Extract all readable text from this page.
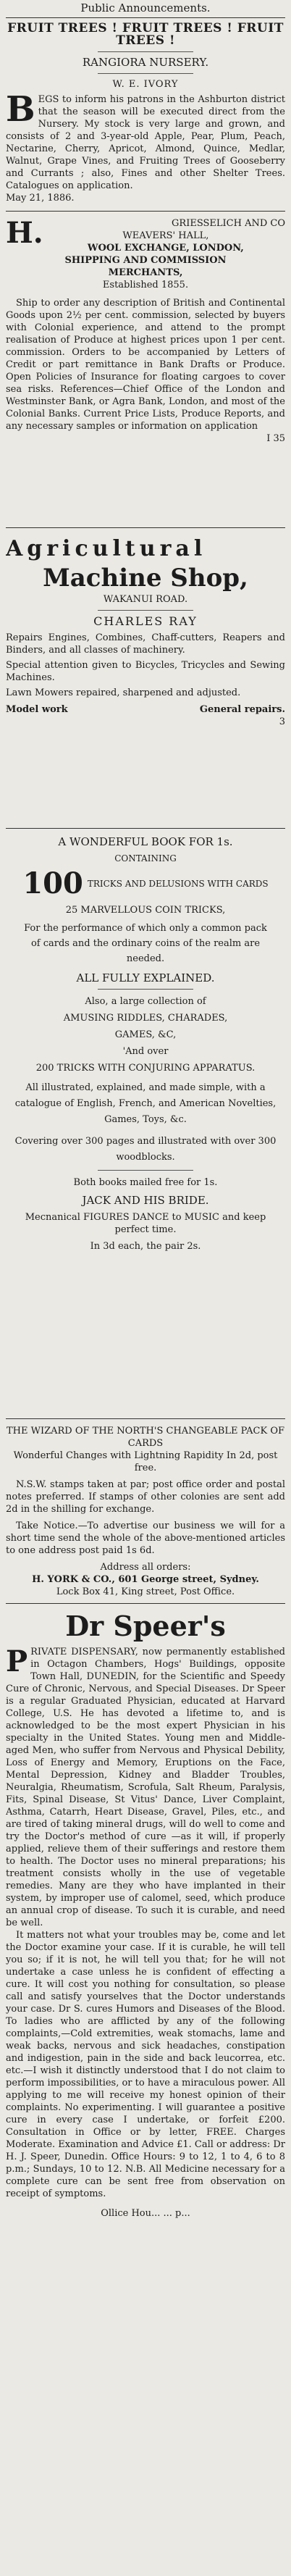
Public Announcements.
FRUIT TREES ! FRUIT TREES ! FRUIT TREES !
RANGIORA NURSERY.
W. E. IVORY
B EGS to inform his patrons in the Ashburton district that the season will be executed direct from the Nursery. My stock is very large and grown, and consists of 2 and 3-year-old Apple, Pear, Plum, Peach, Nectarine, Cherry, Apricot, Almond, Quince, Medlar, Walnut, Grape Vines, and Fruiting Trees of Gooseberry and Currants ; also, Fines and other Shelter Trees. Catalogues on application.
May 21, 1886.
H.	GRIESSELICH AND CO
WEAVERS' HALL,
WOOL EXCHANGE, LONDON,
SHIPPING AND COMMISSION
MERCHANTS,
Established 1855.
Ship to order any description of British and Continental Goods upon 2½ per cent. commission, selected by buyers with Colonial experience, and attend to the prompt realisation of Produce at highest prices upon 1 per cent. commission. Orders to be accompanied by Letters of Credit or part remittance in Bank Drafts or Produce. Open Policies of Insurance for floating cargoes to cover sea risks. References—Chief Office of the London and Westminster Bank, or Agra Bank, London, and most of the Colonial Banks. Current Price Lists, Produce Reports, and any necessary samples or information on application
I 35
Agricultural
Machine Shop,
WAKANUI ROAD.
CHARLES RAY
Repairs Engines, Combines, Chaff-cutters, Reapers and Binders, and all classes of machinery.
Special attention given to Bicycles, Tricycles and Sewing Machines.
Lawn Mowers repaired, sharpened and adjusted.
Model work	General repairs.
3
A WONDERFUL BOOK FOR 1s.
CONTAINING
100 TRICKS AND DELUSIONS WITH CARDS
25 MARVELLOUS COIN TRICKS,
For the performance of which only a common pack of cards and the ordinary coins of the realm are needed.
ALL FULLY EXPLAINED.
Also, a large collection of
AMUSING RIDDLES, CHARADES,
GAMES, &C,
'And over
200 TRICKS WITH CONJURING APPARATUS.
All illustrated, explained, and made simple, with a catalogue of English, French, and American Novelties, Games, Toys, &c.
Covering over 300 pages and illustrated with over 300 woodblocks.
Both books mailed free for 1s.
JACK AND HIS BRIDE.
Mecnanical FIGURES DANCE to MUSIC and keep perfect time.
In 3d each, the pair 2s.
THE WIZARD OF THE NORTH'S CHANGEABLE PACK OF CARDS
Wonderful Changes with Lightning Rapidity In 2d, post free.
N.S.W. stamps taken at par; post office order and postal notes preferred. If stamps of other colonies are sent add 2d in the shilling for exchange.
Take Notice.—To advertise our business we will for a short time send the whole of the above-mentioned articles to one address post paid 1s 6d.
Address all orders:
H. YORK & CO., 601 George street, Sydney.
Lock Box 41, King street, Post Office.
Dr Speer's
P RIVATE DISPENSARY, now permanently established in Octagon Chambers, Hogs' Buildings, opposite Town Hall, DUNEDIN, for the Scientific and Speedy Cure of Chronic, Nervous, and Special Diseases. Dr Speer is a regular Graduated Physician, educated at Harvard College, U.S. He has devoted a lifetime to, and is acknowledged to be the most expert Physician in his specialty in the United States. Young men and Middle-aged Men, who suffer from Nervous and Physical Debility, Loss of Energy and Memory, Eruptions on the Face, Mental Depression, Kidney and Bladder Troubles, Neuralgia, Rheumatism, Scrofula, Salt Rheum, Paralysis, Fits, Spinal Disease, St Vitus' Dance, Liver Complaint, Asthma, Catarrh, Heart Disease, Gravel, Piles, etc., and are tired of taking mineral drugs, will do well to come and try the Doctor's method of cure —as it will, if properly applied, relieve them of their sufferings and restore them to health. The Doctor uses no mineral preparations; his treatment consists wholly in the use of vegetable remedies. Many are they who have implanted in their system, by improper use of calomel, seed, which produce an annual crop of disease. To such it is curable, and need be well.
It matters not what your troubles may be, come and let the Doctor examine your case. If it is curable, he will tell you so; if it is not, he will tell you that; for he will not undertake a case unless he is confident of effecting a cure. It will cost you nothing for consultation, so please call and satisfy yourselves that the Doctor understands your case. Dr S. cures Humors and Diseases of the Blood. To ladies who are afflicted by any of the following complaints,—Cold extremities, weak stomachs, lame and weak backs, nervous and sick headaches, constipation and indigestion, pain in the side and back leucorrea, etc. etc.—I wish it distinctly understood that I do not claim to perform impossibilities, or to have a miraculous power. All applying to me will receive my honest opinion of their complaints. No experimenting. I will guarantee a positive cure in every case I undertake, or forfeit £200. Consultation in Office or by letter, FREE. Charges Moderate. Examination and Advice £1. Call or address: Dr H. J. Speer, Dunedin. Office Hours: 9 to 12, 1 to 4, 6 to 8 p.m.; Sundays, 10 to 12. N.B. All Medicine necessary for a complete cure can be sent free from observation on receipt of symptoms.
Ollice Hou... ... p...
